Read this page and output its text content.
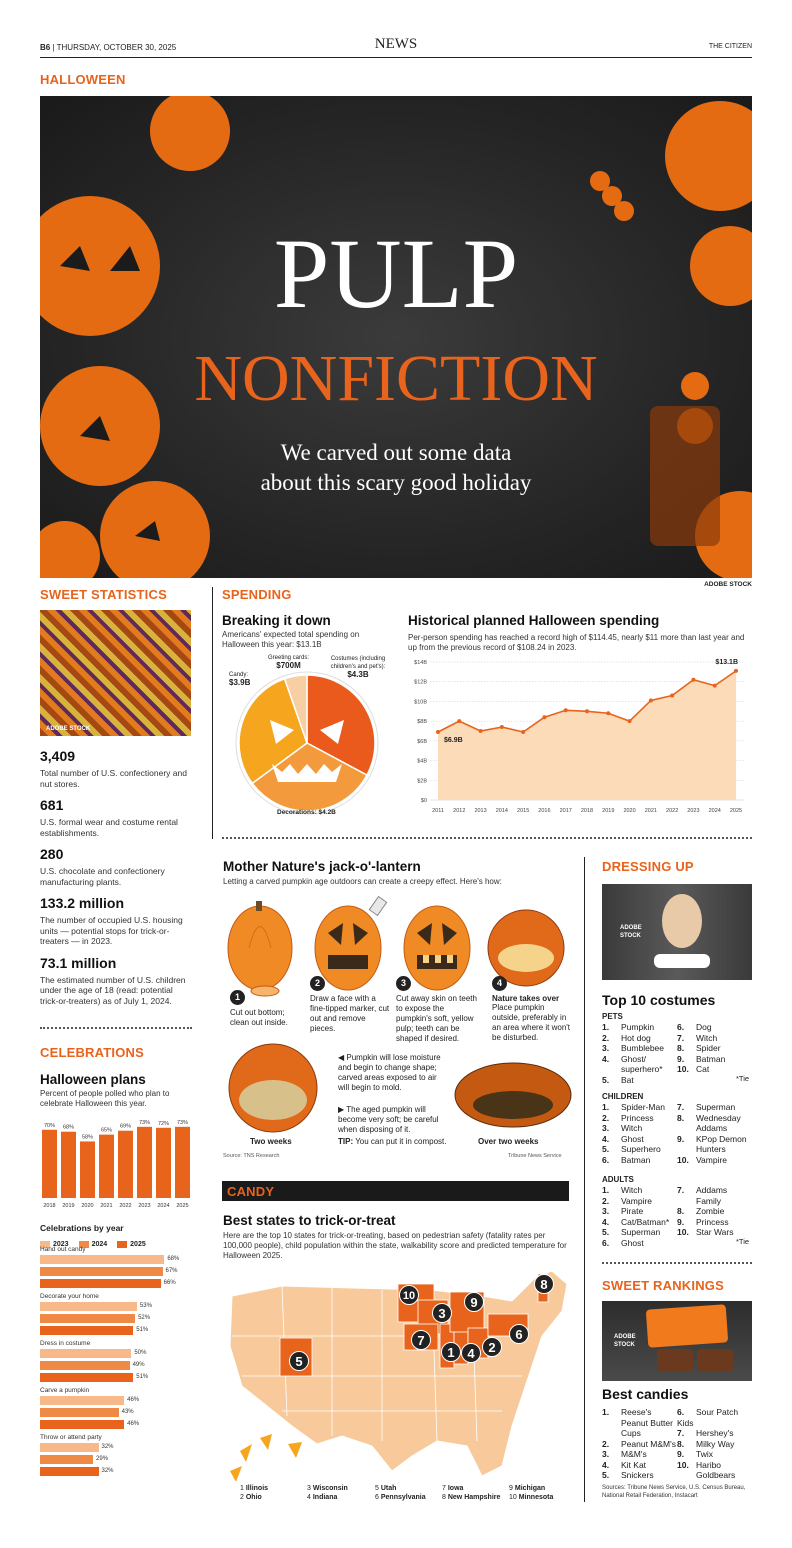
B6 | THURSDAY, OCTOBER 30, 2025	NEWS	THE CITIZEN
HALLOWEEN
PULP
NONFICTION
We carved out some data
about this scary good holiday
ADOBE STOCK
SWEET STATISTICS
ADOBE STOCK
3,409
Total number of U.S. confectionery and nut stores.
681
U.S. formal wear and costume rental establishments.
280
U.S. chocolate and confectionery manufacturing plants.
133.2 million
The number of occupied U.S. housing units — potential stops for trick-or-treaters — in 2023.
73.1 million
The estimated number of U.S. children under the age of 18 (read: potential trick-or-treaters) as of July 1, 2024.
CELEBRATIONS
Halloween plans
Percent of people polled who plan to celebrate Halloween this year.
70%
2018
68%
2019
58%
2020
65%
2021
69%
2022
73%
2023
72%
2024
73%
2025
Celebrations by year
2023	2024	2025
Hand out candy
68%
67%
66%
Decorate your home
53%
52%
51%
Dress in costume
50%
49%
51%
Carve a pumpkin
46%
43%
46%
Throw or attend party
32%
29%
32%
SPENDING
Breaking it down
Americans' expected total spending on Halloween this year: $13.1B
Greeting cards:
$700M
Costumes (including children's and pet's):
$4.3B
Candy:
$3.9B
Decorations: $4.2B
Historical planned Halloween spending
Per-person spending has reached a record high of $114.45, nearly $11 more than last year and up from the previous record of $108.24 in 2023.
$0
$2B
$4B
$6B
$8B
$10B
$12B
$14B
2011 2012 2013 2014 2015 2016 2017 2018 2019 2020 2021 2022 2023 2024 2025
$6.9B
$13.1B
Mother Nature's jack-o'-lantern
Letting a carved pumpkin age outdoors can create a creepy effect. Here's how:
1
Cut out bottom; clean out inside.
2
Draw a face with a fine-tipped marker, cut out and remove pieces.
3
Cut away skin on teeth to expose the pumpkin's soft, yellow pulp; teeth can be shaped if desired.
4
Nature takes over
Place pumpkin outside, preferably in an area where it won't be disturbed.
Two weeks	Over two weeks
◀ Pumpkin will lose moisture and begin to change shape; carved areas exposed to air will begin to mold.
▶ The aged pumpkin will become very soft; be careful when disposing of it.
TIP: You can put it in compost.
Source: TNS Research	Tribune News Service
CANDY
Best states to trick-or-treat
Here are the top 10 states for trick-or-treating, based on pedestrian safety (fatality rates per 100,000 people), child population within the state, walkability score and predicted temperature for Halloween 2025.
1	2
3
4
5
6
7
8
9
10
1 Illinois
2 Ohio
3 Wisconsin
4 Indiana
5 Utah
6 Pennsylvania
7 Iowa
8 New Hampshire
9 Michigan
10 Minnesota
DRESSING UP
ADOBE STOCK
Top 10 costumes
PETS
1. Pumpkin
2. Hot dog
3. Bumblebee
4.	Ghost/ superhero*
5. Bat
6. Dog
7. Witch
8. Spider
9. Batman
10. Cat
*Tie
CHILDREN
1. Spider-Man
2. Princess
3. Witch
4. Ghost
5. Superhero
6. Batman
7. Superman
8.	Wednesday Addams
9.	KPop Demon Hunters
10. Vampire
ADULTS
1. Witch
2. Vampire
3. Pirate
4. Cat/Batman*
5. Superman
6. Ghost
7.	Addams Family
8. Zombie
9. Princess
10. Star Wars
*Tie
SWEET RANKINGS
ADOBE STOCK
Best candies
1.	Reese's Peanut Butter Cups
2. Peanut M&M's
3. M&M's
4. Kit Kat
5. Snickers
6. Sour Patch Kids
7. Hershey's
8. Milky Way
9. Twix
10. Haribo Goldbears
Sources: Tribune News Service, U.S. Census Bureau, National Retail Federation, Instacart
